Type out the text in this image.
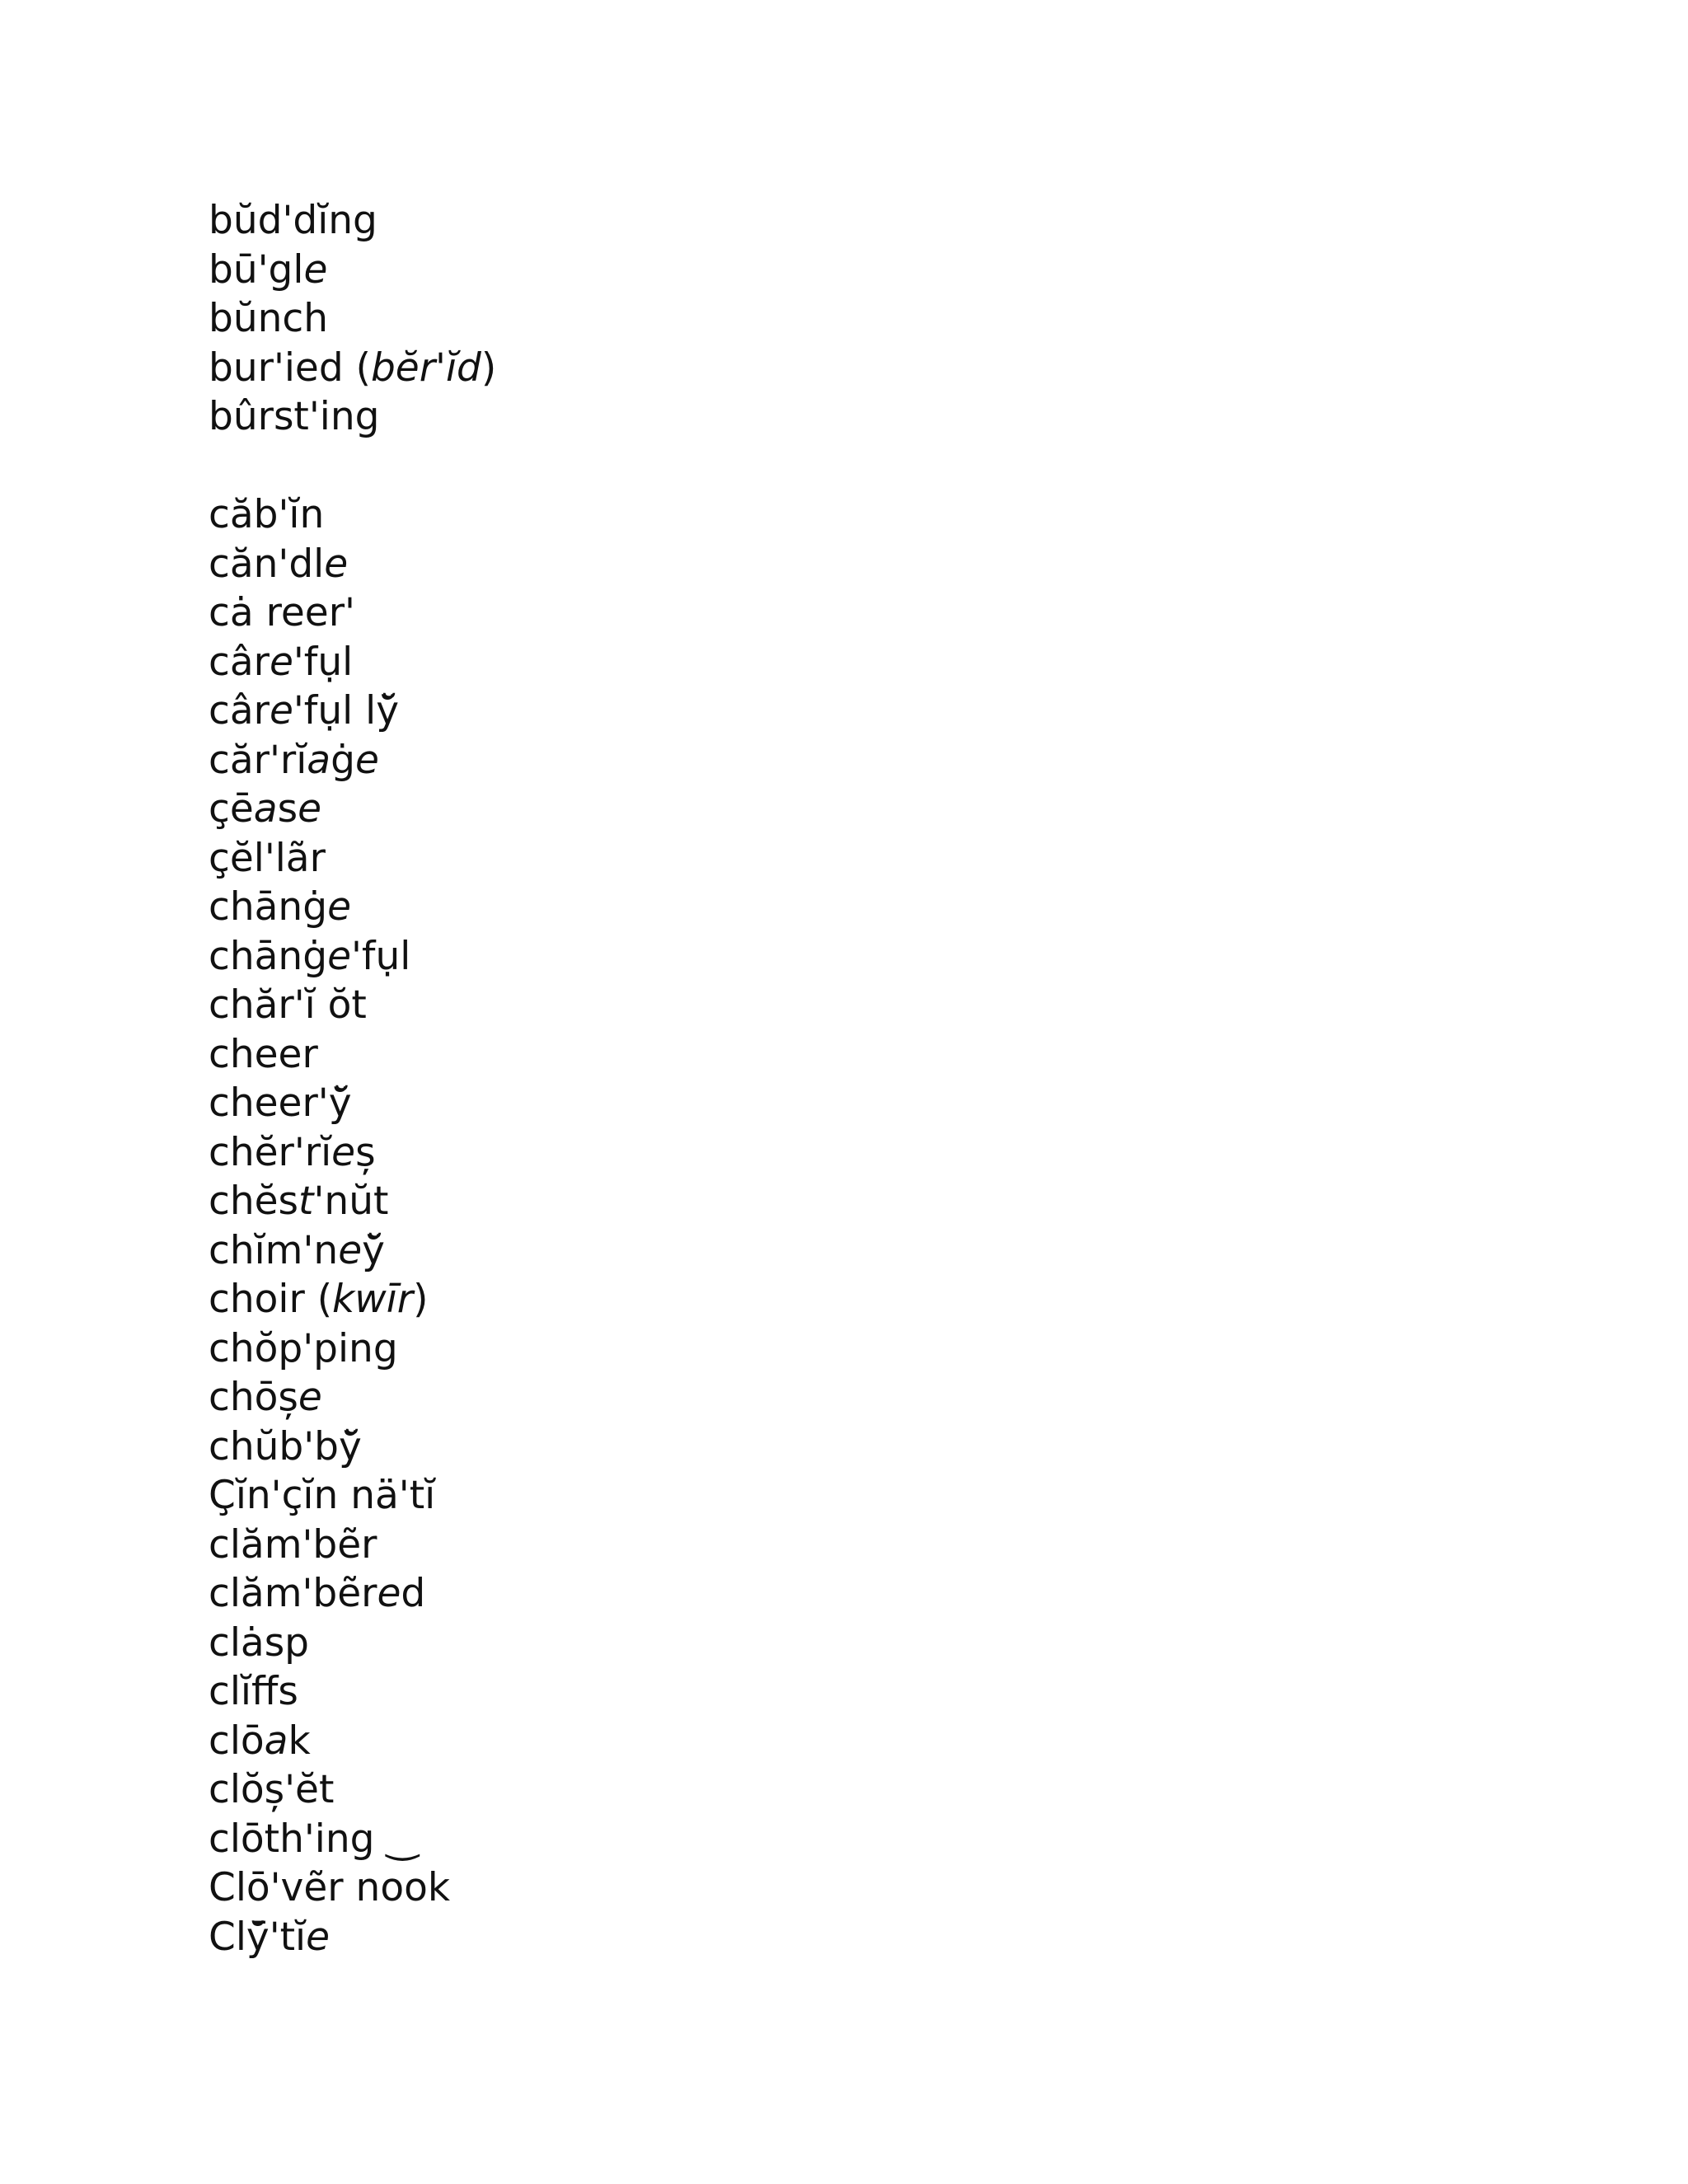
bŭd'dĭng
bū'gle
bŭnch
bur'ied (bĕr'ĭd)
bûrst'ing
căb'ĭn
căn'dle
cȧ reer'
câre'fụl
câre'fụl lў̆
căr'rĭaġe
çēase
çĕl'lãr
chānġe
chānġe'fụl
chăr'ĭ ŏt
cheer
cheer'ў̆
chĕr'rĭeș
chĕst'nŭt
chĭm'neў̆
choir (kwīr)
chŏp'ping
chōșe
chŭb'bў̆
Çĭn'çĭn nä'tĭ
clăm'bẽr
clăm'bẽred
clȧsp
clĭffs
clōak
clŏș'ĕt
clōth'ing ‿
Clō'vẽr nook
Clў̄'tĭe
